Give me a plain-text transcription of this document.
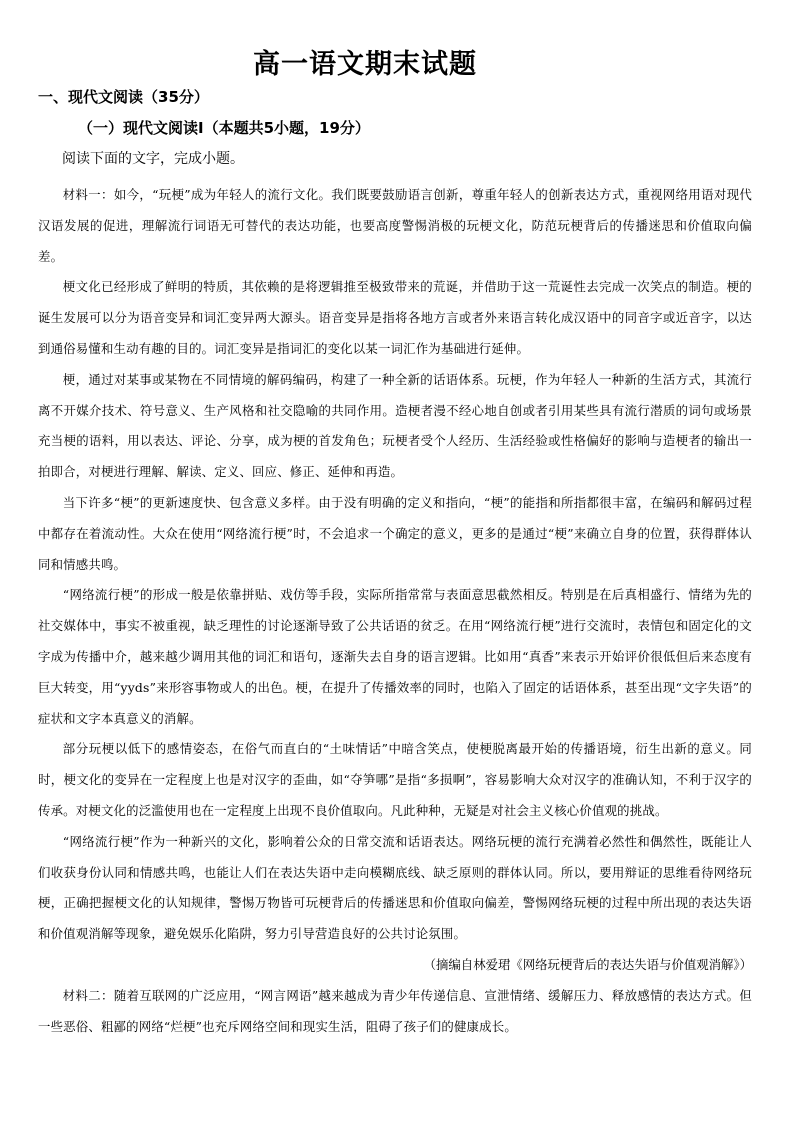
高一语文期末试题
一、现代文阅读（35分）
（一）现代文阅读Ⅰ（本题共5小题，19分）
阅读下面的文字，完成小题。

材料一：如今，“玩梗”成为年轻人的流行文化。我们既要鼓励语言创新，尊重年轻人的创新表达方式，重视网络用语对现代汉语发展的促进，理解流行词语无可替代的表达功能，也要高度警惕消极的玩梗文化，防范玩梗背后的传播迷思和价值取向偏差。

梗文化已经形成了鲜明的特质，其依赖的是将逻辑推至极致带来的荒诞，并借助于这一荒诞性去完成一次笑点的制造。梗的诞生发展可以分为语音变异和词汇变异两大源头。语音变异是指将各地方言或者外来语言转化成汉语中的同音字或近音字，以达到通俗易懂和生动有趣的目的。词汇变异是指词汇的变化以某一词汇作为基础进行延伸。

梗，通过对某事或某物在不同情境的解码编码，构建了一种全新的话语体系。玩梗，作为年轻人一种新的生活方式，其流行离不开媒介技术、符号意义、生产风格和社交隐喻的共同作用。造梗者漫不经心地自创或者引用某些具有流行潜质的词句或场景充当梗的语料，用以表达、评论、分享，成为梗的首发角色；玩梗者受个人经历、生活经验或性格偏好的影响与造梗者的输出一拍即合，对梗进行理解、解读、定义、回应、修正、延伸和再造。

当下许多“梗”的更新速度快、包含意义多样。由于没有明确的定义和指向，“梗”的能指和所指都很丰富，在编码和解码过程中都存在着流动性。大众在使用“网络流行梗”时，不会追求一个确定的意义，更多的是通过“梗”来确立自身的位置，获得群体认同和情感共鸣。

“网络流行梗”的形成一般是依靠拼贴、戏仿等手段，实际所指常常与表面意思截然相反。特别是在后真相盛行、情绪为先的社交媒体中，事实不被重视，缺乏理性的讨论逐渐导致了公共话语的贫乏。在用“网络流行梗”进行交流时，表情包和固定化的文字成为传播中介，越来越少调用其他的词汇和语句，逐渐失去自身的语言逻辑。比如用“真香”来表示开始评价很低但后来态度有巨大转变，用“yyds”来形容事物或人的出色。梗，在提升了传播效率的同时，也陷入了固定的话语体系，甚至出现“文字失语”的症状和文字本真意义的消解。

部分玩梗以低下的感情姿态，在俗气而直白的“土味情话”中暗含笑点，使梗脱离最开始的传播语境，衍生出新的意义。同时，梗文化的变异在一定程度上也是对汉字的歪曲，如“夺笋哪”是指“多损啊”，容易影响大众对汉字的准确认知，不利于汉字的传承。对梗文化的泛滥使用也在一定程度上出现不良价值取向。凡此种种，无疑是对社会主义核心价值观的挑战。

“网络流行梗”作为一种新兴的文化，影响着公众的日常交流和话语表达。网络玩梗的流行充满着必然性和偶然性，既能让人们收获身份认同和情感共鸣，也能让人们在表达失语中走向模糊底线、缺乏原则的群体认同。所以，要用辩证的思维看待网络玩梗，正确把握梗文化的认知规律，警惕万物皆可玩梗背后的传播迷思和价值取向偏差，警惕网络玩梗的过程中所出现的表达失语和价值观消解等现象，避免娱乐化陷阱，努力引导营造良好的公共讨论氛围。

（摘编自林爱珺《网络玩梗背后的表达失语与价值观消解》）

材料二：随着互联网的广泛应用，“网言网语”越来越成为青少年传递信息、宣泄情绪、缓解压力、释放感情的表达方式。但一些恶俗、粗鄙的网络“烂梗”也充斥网络空间和现实生活，阻碍了孩子们的健康成长。
